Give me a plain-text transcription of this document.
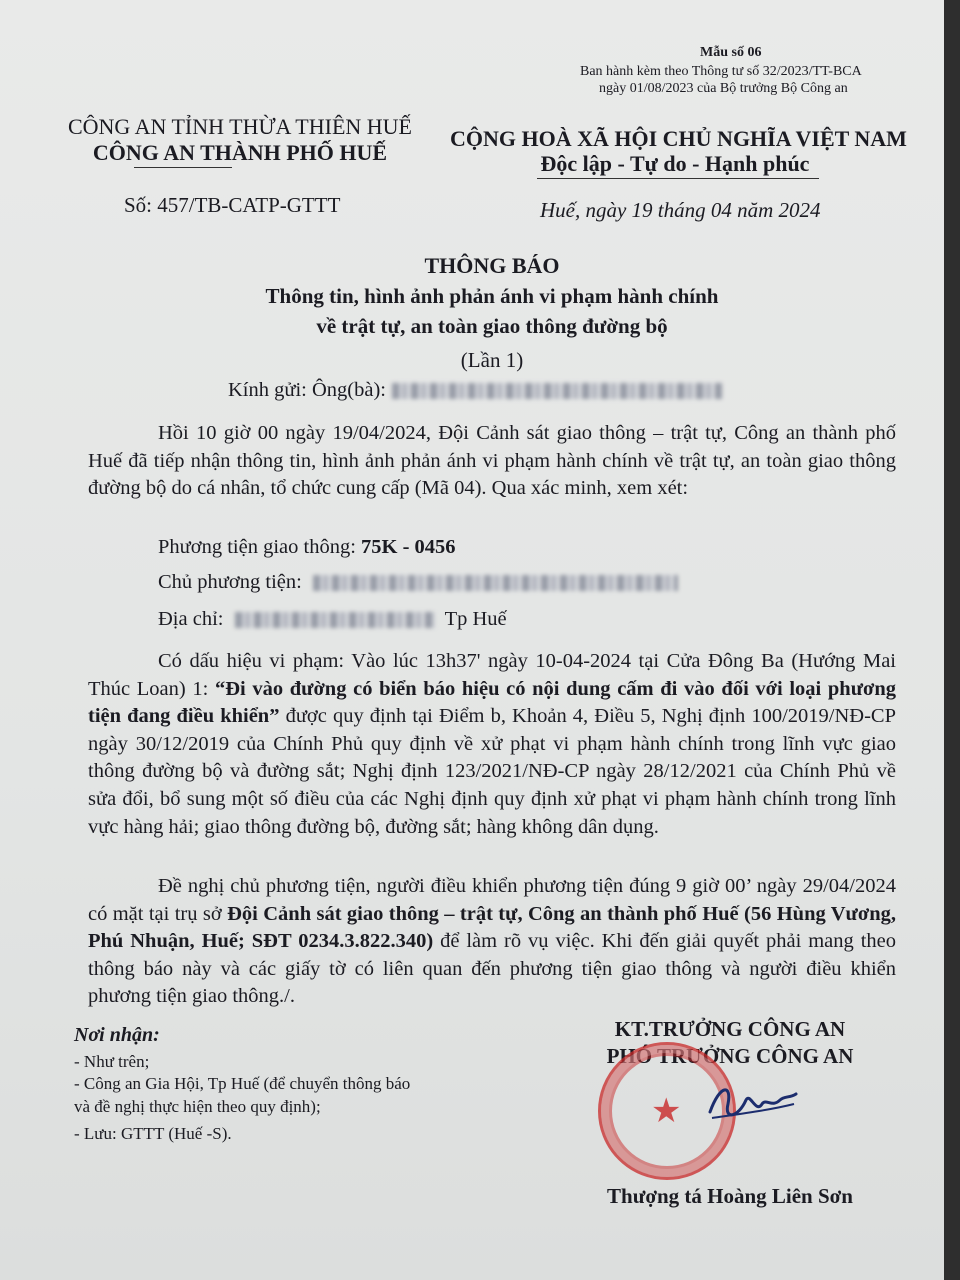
Mẫu số 06
Ban hành kèm theo Thông tư số 32/2023/TT-BCA
ngày 01/08/2023 của Bộ trưởng Bộ Công an
CÔNG AN TỈNH THỪA THIÊN HUẾ
CÔNG AN THÀNH PHỐ HUẾ
Số: 457/TB-CATP-GTTT
CỘNG HOÀ XÃ HỘI CHỦ NGHĨA VIỆT NAM
Độc lập - Tự do - Hạnh phúc
Huế, ngày 19 tháng 04 năm 2024
THÔNG BÁO
Thông tin, hình ảnh phản ánh vi phạm hành chính
về trật tự, an toàn giao thông đường bộ
(Lần 1)
Kính gửi: Ông(bà):
Hồi 10 giờ 00 ngày 19/04/2024, Đội Cảnh sát giao thông – trật tự, Công an thành phố Huế đã tiếp nhận thông tin, hình ảnh phản ánh vi phạm hành chính về trật tự, an toàn giao thông đường bộ do cá nhân, tổ chức cung cấp (Mã 04). Qua xác minh, xem xét:
Phương tiện giao thông: 75K - 0456
Chủ phương tiện:
Địa chỉ:	Tp Huế
Có dấu hiệu vi phạm: Vào lúc 13h37' ngày 10-04-2024 tại Cửa Đông Ba (Hướng Mai Thúc Loan) 1: “Đi vào đường có biển báo hiệu có nội dung cấm đi vào đối với loại phương tiện đang điều khiển” được quy định tại Điểm b, Khoản 4, Điều 5, Nghị định 100/2019/NĐ-CP ngày 30/12/2019 của Chính Phủ quy định về xử phạt vi phạm hành chính trong lĩnh vực giao thông đường bộ và đường sắt; Nghị định 123/2021/NĐ-CP ngày 28/12/2021 của Chính Phủ về sửa đổi, bổ sung một số điều của các Nghị định quy định xử phạt vi phạm hành chính trong lĩnh vực hàng hải; giao thông đường bộ, đường sắt; hàng không dân dụng.
Đề nghị chủ phương tiện, người điều khiển phương tiện đúng 9 giờ 00’ ngày 29/04/2024 có mặt tại trụ sở Đội Cảnh sát giao thông – trật tự, Công an thành phố Huế (56 Hùng Vương, Phú Nhuận, Huế; SĐT 0234.3.822.340) để làm rõ vụ việc. Khi đến giải quyết phải mang theo thông báo này và các giấy tờ có liên quan đến phương tiện giao thông và người điều khiển phương tiện giao thông./.
Nơi nhận:
- Như trên;
- Công an Gia Hội, Tp Huế (để chuyển thông báo
và đề nghị thực hiện theo quy định);
- Lưu: GTTT (Huế -S).
KT.TRƯỞNG CÔNG AN
PHÓ TRƯỞNG CÔNG AN
★
Thượng tá Hoàng Liên Sơn
